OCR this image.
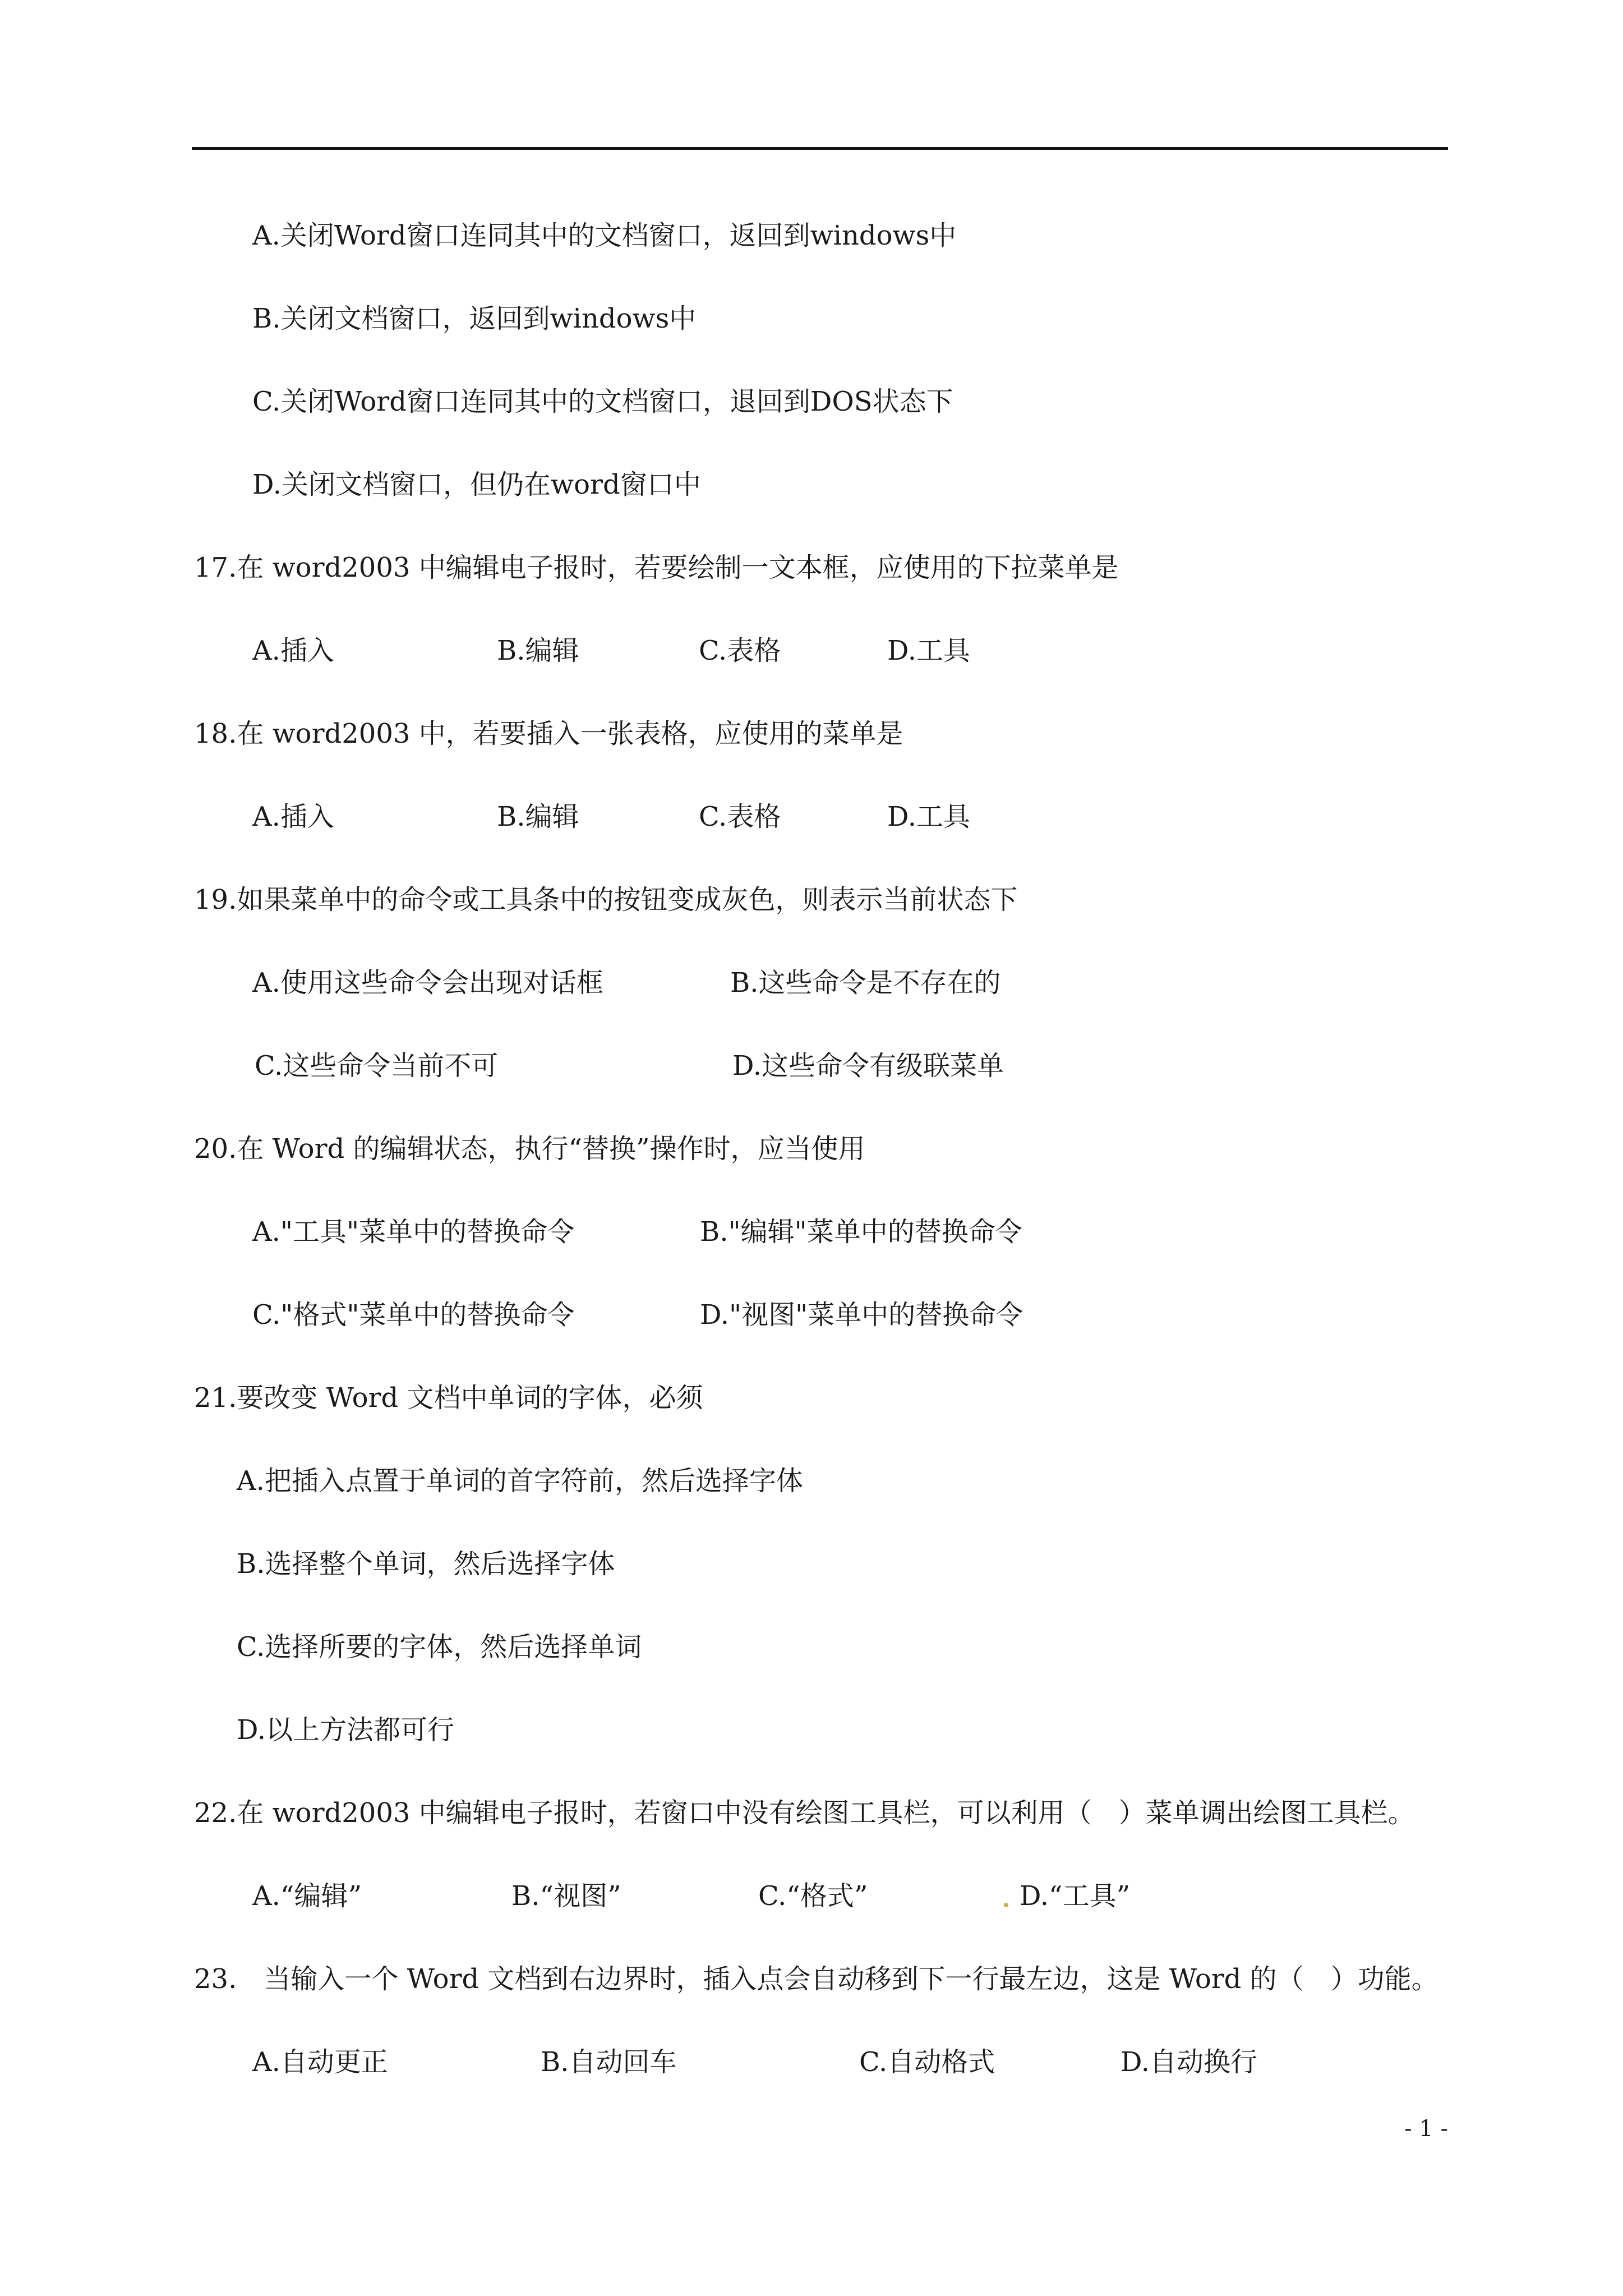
A.关闭Word窗口连同其中的文档窗口，返回到windows中
B.关闭文档窗口，返回到windows中
C.关闭Word窗口连同其中的文档窗口，退回到DOS状态下
D.关闭文档窗口，但仍在word窗口中
17.在 word2003 中编辑电子报时，若要绘制一文本框，应使用的下拉菜单是
A.插入	B.编辑	C.表格	D.工具
18.在 word2003 中，若要插入一张表格，应使用的菜单是
A.插入	B.编辑	C.表格	D.工具
19.如果菜单中的命令或工具条中的按钮变成灰色，则表示当前状态下
A.使用这些命令会出现对话框	B.这些命令是不存在的
C.这些命令当前不可	D.这些命令有级联菜单
20.在 Word 的编辑状态，执行“替换”操作时，应当使用
A."工具"菜单中的替换命令	B."编辑"菜单中的替换命令
C."格式"菜单中的替换命令	D."视图"菜单中的替换命令
21.要改变 Word 文档中单词的字体，必须
A.把插入点置于单词的首字符前，然后选择字体
B.选择整个单词，然后选择字体
C.选择所要的字体，然后选择单词
D.以上方法都可行
22.在 word2003 中编辑电子报时，若窗口中没有绘图工具栏，可以利用（　）菜单调出绘图工具栏。
A.“编辑”	B.“视图”	C.“格式”	D.“工具”
23.　当输入一个 Word 文档到右边界时，插入点会自动移到下一行最左边，这是 Word 的（　）功能。
A.自动更正	B.自动回车	C.自动格式	D.自动换行
- 1 -
